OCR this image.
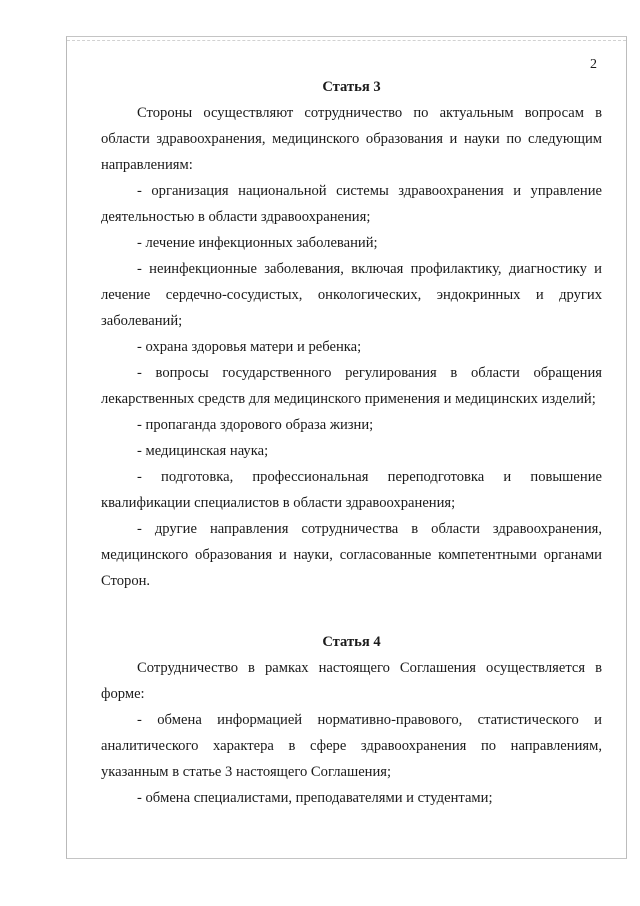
2

Статья 3

Стороны осуществляют сотрудничество по актуальным вопросам в области здравоохранения, медицинского образования и науки по следующим направлениям:

- организация национальной системы здравоохранения и управление деятельностью в области здравоохранения;

- лечение инфекционных заболеваний;

- неинфекционные заболевания, включая профилактику, диагностику и лечение сердечно-сосудистых, онкологических, эндокринных и других заболеваний;

- охрана здоровья матери и ребенка;

- вопросы государственного регулирования в области обращения лекарственных средств для медицинского применения и медицинских изделий;

- пропаганда здорового образа жизни;

- медицинская наука;

- подготовка, профессиональная переподготовка и повышение квалификации специалистов в области здравоохранения;

- другие направления сотрудничества в области здравоохранения, медицинского образования и науки, согласованные компетентными органами Сторон.

Статья 4

Сотрудничество в рамках настоящего Соглашения осуществляется в форме:

- обмена информацией нормативно-правового, статистического и аналитического характера в сфере здравоохранения по направлениям, указанным в статье 3 настоящего Соглашения;

- обмена специалистами, преподавателями и студентами;
